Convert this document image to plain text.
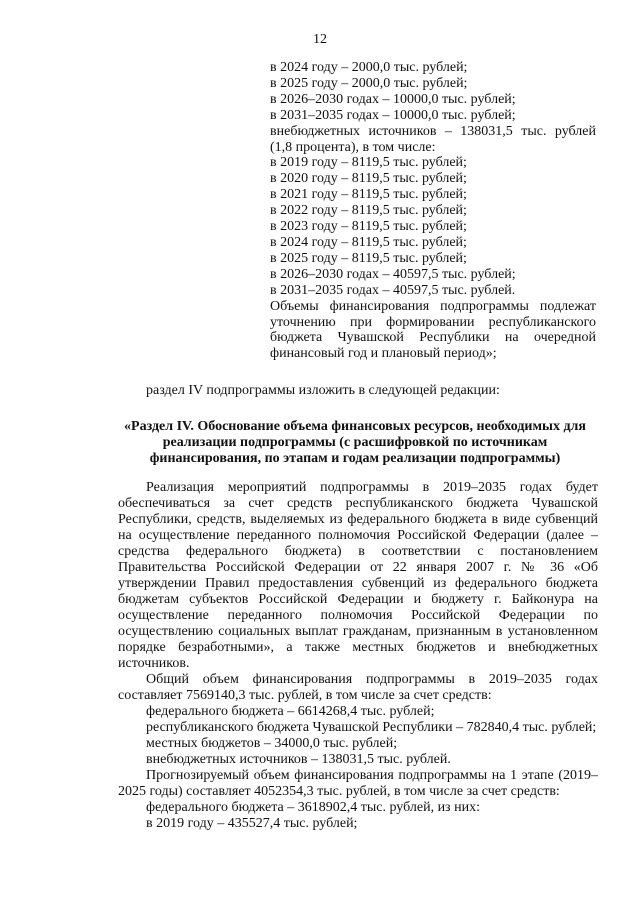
12
в 2024 году – 2000,0 тыс. рублей;
в 2025 году – 2000,0 тыс. рублей;
в 2026–2030 годах – 10000,0 тыс. рублей;
в 2031–2035 годах – 10000,0 тыс. рублей;
внебюджетных источников – 138031,5 тыс. рублей (1,8 процента), в том числе:
в 2019 году – 8119,5 тыс. рублей;
в 2020 году – 8119,5 тыс. рублей;
в 2021 году – 8119,5 тыс. рублей;
в 2022 году – 8119,5 тыс. рублей;
в 2023 году – 8119,5 тыс. рублей;
в 2024 году – 8119,5 тыс. рублей;
в 2025 году – 8119,5 тыс. рублей;
в 2026–2030 годах – 40597,5 тыс. рублей;
в 2031–2035 годах – 40597,5 тыс. рублей.
Объемы финансирования подпрограммы подлежат уточнению при формировании республиканского бюджета Чувашской Республики на очередной финансовый год и плановый период»;
раздел IV подпрограммы изложить в следующей редакции:
«Раздел IV. Обоснование объема финансовых ресурсов, необходимых для реализации подпрограммы (с расшифровкой по источникам финансирования, по этапам и годам реализации подпрограммы)

Реализация мероприятий подпрограммы в 2019–2035 годах будет обеспечиваться за счет средств республиканского бюджета Чувашской Республики, средств, выделяемых из федерального бюджета в виде субвенций на осуществление переданного полномочия Российской Федерации (далее – средства федерального бюджета) в соответствии с постановлением Правительства Российской Федерации от 22 января 2007 г. № 36 «Об утверждении Правил предоставления субвенций из федерального бюджета бюджетам субъектов Российской Федерации и бюджету г. Байконура на осуществление переданного полномочия Российской Федерации по осуществлению социальных выплат гражданам, признанным в установленном порядке безработными», а также местных бюджетов и внебюджетных источников.

Общий объем финансирования подпрограммы в 2019–2035 годах составляет 7569140,3 тыс. рублей, в том числе за счет средств:

федерального бюджета – 6614268,4 тыс. рублей;

республиканского бюджета Чувашской Республики – 782840,4 тыс. рублей;

местных бюджетов – 34000,0 тыс. рублей;

внебюджетных источников – 138031,5 тыс. рублей.

Прогнозируемый объем финансирования подпрограммы на 1 этапе (2019–2025 годы) составляет 4052354,3 тыс. рублей, в том числе за счет средств:

федерального бюджета – 3618902,4 тыс. рублей, из них:

в 2019 году – 435527,4 тыс. рублей;
